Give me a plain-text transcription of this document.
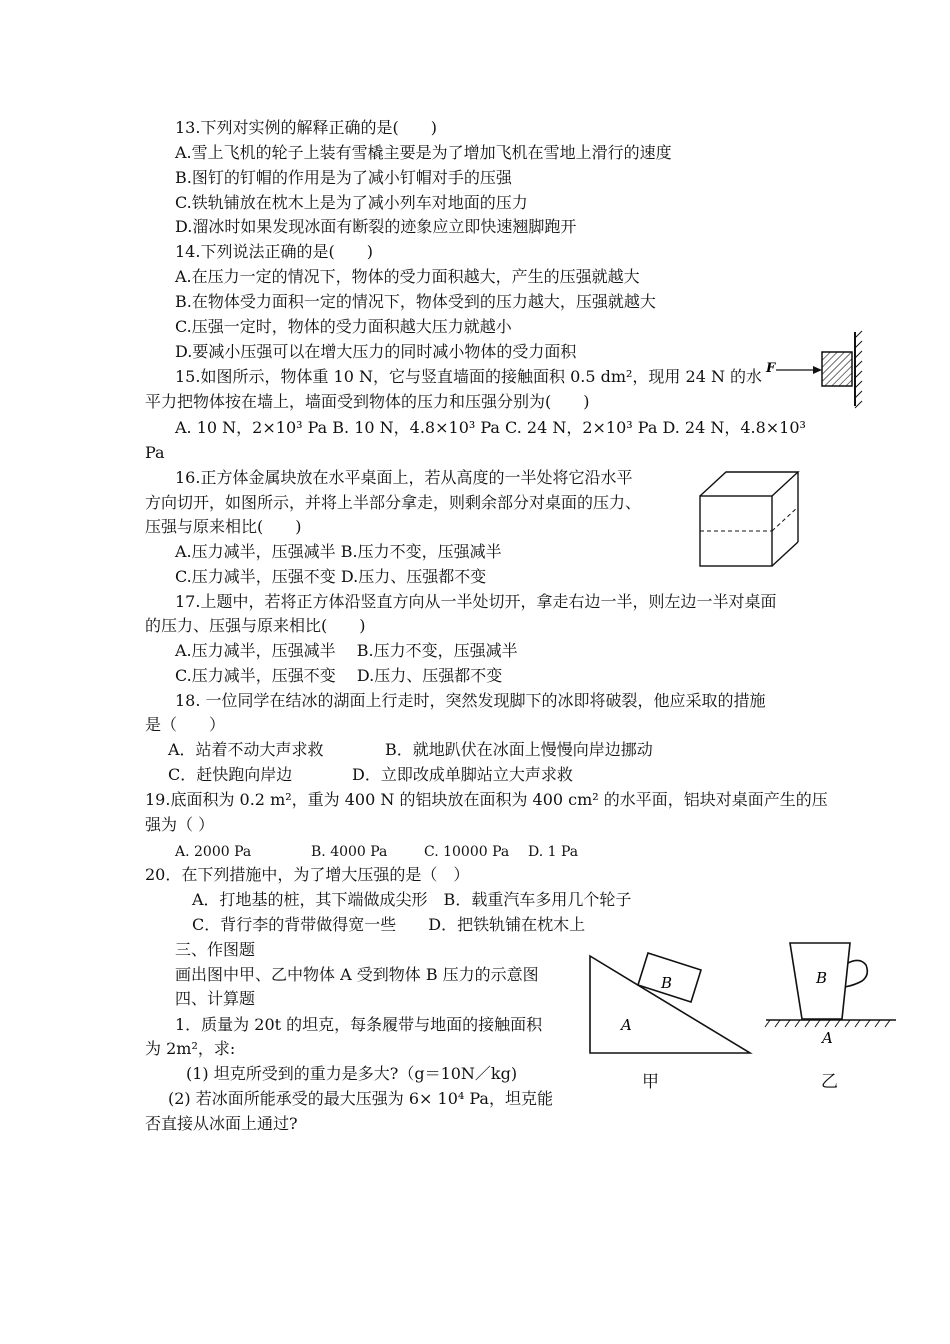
13.下列对实例的解释正确的是(　　)
A.雪上飞机的轮子上装有雪橇主要是为了增加飞机在雪地上滑行的速度
B.图钉的钉帽的作用是为了减小钉帽对手的压强
C.铁轨铺放在枕木上是为了减小列车对地面的压力
D.溜冰时如果发现冰面有断裂的迹象应立即快速翘脚跑开
14.下列说法正确的是(　　)
A.在压力一定的情况下，物体的受力面积越大，产生的压强就越大
B.在物体受力面积一定的情况下，物体受到的压力越大，压强就越大
C.压强一定时，物体的受力面积越大压力就越小
D.要减小压强可以在增大压力的同时减小物体的受力面积
15.如图所示，物体重 10 N，它与竖直墙面的接触面积 0.5 dm²，现用 24 N 的水
平力把物体按在墙上，墙面受到物体的压力和压强分别为(　　)
A. 10 N，2×10³ Pa B. 10 N，4.8×10³ Pa C. 24 N，2×10³ Pa D. 24 N，4.8×10³
Pa
F
16.正方体金属块放在水平桌面上，若从高度的一半处将它沿水平
方向切开，如图所示，并将上半部分拿走，则剩余部分对桌面的压力、
压强与原来相比(　　)
A.压力减半，压强减半 B.压力不变，压强减半
C.压力减半，压强不变 D.压力、压强都不变
17.上题中，若将正方体沿竖直方向从一半处切开，拿走右边一半，则左边一半对桌面
的压力、压强与原来相比(　　)
A.压力减半，压强减半　 B.压力不变，压强减半
C.压力减半，压强不变　 D.压力、压强都不变
18. 一位同学在结冰的湖面上行走时，突然发现脚下的冰即将破裂，他应采取的措施
是（　　）
A．站着不动大声求救	B．就地趴伏在冰面上慢慢向岸边挪动
C．赶快跑向岸边	D．立即改成单脚站立大声求救
19.底面积为 0.2 m²，重为 400 N 的铝块放在面积为 400 cm² 的水平面，铝块对桌面产生的压
强为（ ）
A. 2000 Pa	B. 4000 Pa	C. 10000 Pa D. 1 Pa
20．在下列措施中，为了增大压强的是（　）
A．打地基的桩，其下端做成尖形　B．载重汽车多用几个轮子
C．背行李的背带做得宽一些　　D．把铁轨铺在枕木上
三、作图题
画出图中甲、乙中物体 A 受到物体 B 压力的示意图	B
A
甲
B
A
乙
四、计算题
1．质量为 20t 的坦克，每条履带与地面的接触面积
为 2m²，求:
(1) 坦克所受到的重力是多大?（g＝10N／kg)
(2) 若冰面所能承受的最大压强为 6× 10⁴ Pa，坦克能
否直接从冰面上通过?
